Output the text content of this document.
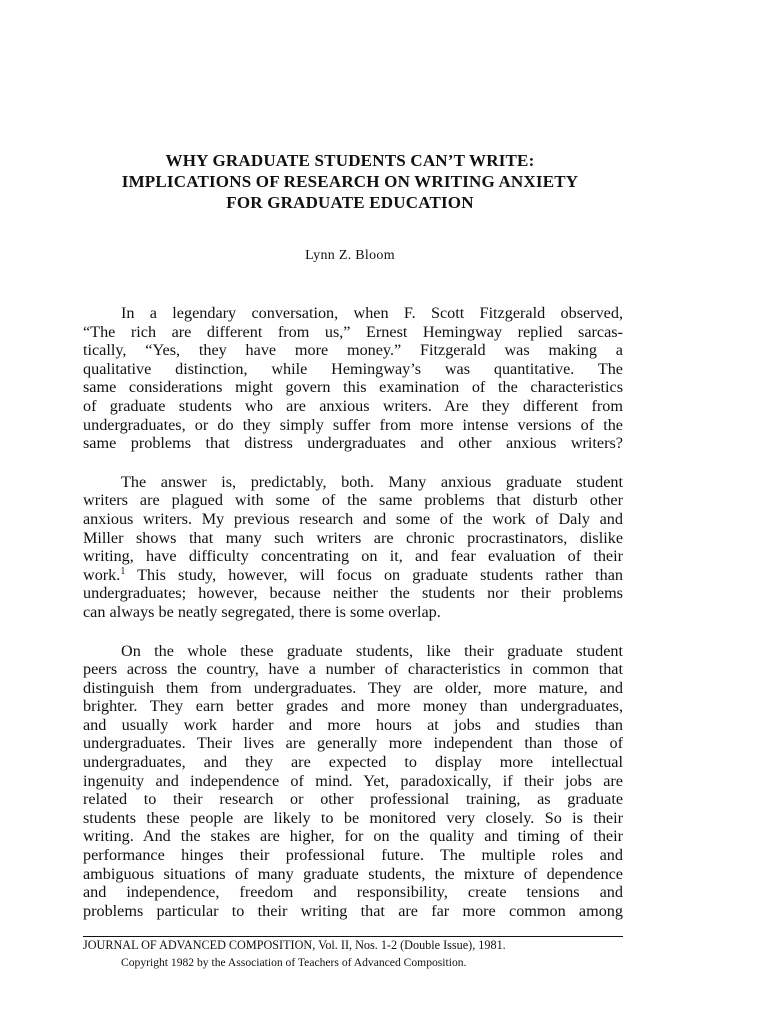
WHY GRADUATE STUDENTS CAN’T WRITE:
IMPLICATIONS OF RESEARCH ON WRITING ANXIETY
FOR GRADUATE EDUCATION
Lynn Z. Bloom
In a legendary conversation, when F. Scott Fitzgerald observed,
“The rich are different from us,” Ernest Hemingway replied sarcas-
tically, “Yes, they have more money.” Fitzgerald was making a
qualitative distinction, while Hemingway’s was quantitative. The
same considerations might govern this examination of the characteristics
of graduate students who are anxious writers. Are they different from
undergraduates, or do they simply suffer from more intense versions of the
same problems that distress undergraduates and other anxious writers?
The answer is, predictably, both. Many anxious graduate student
writers are plagued with some of the same problems that disturb other
anxious writers. My previous research and some of the work of Daly and
Miller shows that many such writers are chronic procrastinators, dislike
writing, have difficulty concentrating on it, and fear evaluation of their
work.$^1$ This study, however, will focus on graduate students rather than
undergraduates; however, because neither the students nor their problems
can always be neatly segregated, there is some overlap.
On the whole these graduate students, like their graduate student
peers across the country, have a number of characteristics in common that
distinguish them from undergraduates. They are older, more mature, and
brighter. They earn better grades and more money than undergraduates,
and usually work harder and more hours at jobs and studies than
undergraduates. Their lives are generally more independent than those of
undergraduates, and they are expected to display more intellectual
ingenuity and independence of mind. Yet, paradoxically, if their jobs are
related to their research or other professional training, as graduate
students these people are likely to be monitored very closely. So is their
writing. And the stakes are higher, for on the quality and timing of their
performance hinges their professional future. The multiple roles and
ambiguous situations of many graduate students, the mixture of dependence
and independence, freedom and responsibility, create tensions and
problems particular to their writing that are far more common among
JOURNAL OF ADVANCED COMPOSITION, Vol. II, Nos. 1-2 (Double Issue), 1981.
Copyright 1982 by the Association of Teachers of Advanced Composition.
